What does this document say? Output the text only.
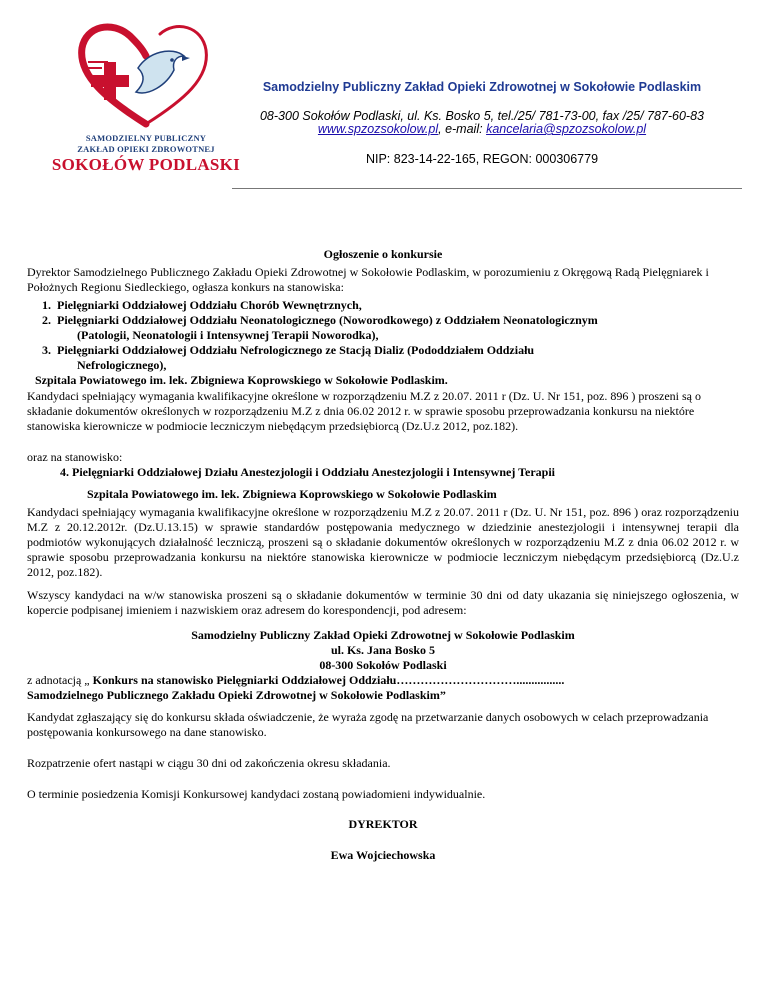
SAMODZIELNY PUBLICZNY
ZAKŁAD OPIEKI ZDROWOTNEJ
SOKOŁÓW PODLASKI
Samodzielny Publiczny Zakład Opieki Zdrowotnej w Sokołowie Podlaskim
08-300 Sokołów Podlaski, ul. Ks. Bosko 5, tel./25/ 781-73-00, fax /25/ 787-60-83
www.spzozsokolow.pl, e-mail: kancelaria@spzozsokolow.pl
NIP: 823-14-22-165, REGON: 000306779
Ogłoszenie o konkursie
Dyrektor Samodzielnego Publicznego Zakładu Opieki Zdrowotnej w Sokołowie Podlaskim, w porozumieniu z Okręgową Radą Pielęgniarek i Położnych Regionu Siedleckiego, ogłasza konkurs na stanowiska:
1. Pielęgniarki Oddziałowej Oddziału Chorób Wewnętrznych,
2. Pielęgniarki Oddziałowej Oddziału Neonatologicznego (Noworodkowego) z Oddziałem Neonatologicznym
(Patologii, Neonatologii i Intensywnej Terapii Noworodka),
3. Pielęgniarki Oddziałowej Oddziału Nefrologicznego ze Stacją Dializ (Pododdziałem Oddziału
Nefrologicznego),
Szpitala Powiatowego im. lek. Zbigniewa Koprowskiego w Sokołowie Podlaskim.
Kandydaci spełniający wymagania kwalifikacyjne określone w rozporządzeniu M.Z z 20.07. 2011 r (Dz. U. Nr 151, poz. 896 ) proszeni są o składanie dokumentów określonych w rozporządzeniu M.Z z dnia 06.02 2012 r. w sprawie sposobu przeprowadzania konkursu na niektóre stanowiska kierownicze w podmiocie leczniczym niebędącym przedsiębiorcą (Dz.U.z 2012, poz.182).
oraz na stanowisko:
4. Pielęgniarki Oddziałowej Działu Anestezjologii i Oddziału Anestezjologii i Intensywnej Terapii
Szpitala Powiatowego im. lek. Zbigniewa Koprowskiego w Sokołowie Podlaskim
Kandydaci spełniający wymagania kwalifikacyjne określone w rozporządzeniu M.Z z 20.07. 2011 r (Dz. U. Nr 151, poz. 896 ) oraz rozporządzeniu M.Z z 20.12.2012r. (Dz.U.13.15) w sprawie standardów postępowania medycznego w dziedzinie anestezjologii i intensywnej terapii dla podmiotów wykonujących działalność leczniczą, proszeni są o składanie dokumentów określonych w rozporządzeniu M.Z z dnia 06.02 2012 r. w sprawie sposobu przeprowadzania konkursu na niektóre stanowiska kierownicze w podmiocie leczniczym niebędącym przedsiębiorcą (Dz.U.z 2012, poz.182).
Wszyscy kandydaci na w/w stanowiska proszeni są o składanie dokumentów w terminie 30 dni od daty ukazania się niniejszego ogłoszenia, w kopercie podpisanej imieniem i nazwiskiem oraz adresem do korespondencji, pod adresem:
Samodzielny Publiczny Zakład Opieki Zdrowotnej w Sokołowie Podlaskim
ul. Ks. Jana Bosko 5
08-300 Sokołów Podlaski
z adnotacją „ Konkurs na stanowisko Pielęgniarki Oddziałowej Oddziału…………………………................
Samodzielnego Publicznego Zakładu Opieki Zdrowotnej w Sokołowie Podlaskim”
Kandydat zgłaszający się do konkursu składa oświadczenie, że wyraża zgodę na przetwarzanie danych osobowych w celach przeprowadzania postępowania konkursowego na dane stanowisko.
Rozpatrzenie ofert nastąpi w ciągu 30 dni od zakończenia okresu składania.
O terminie posiedzenia Komisji Konkursowej kandydaci zostaną powiadomieni indywidualnie.
DYREKTOR
Ewa Wojciechowska
